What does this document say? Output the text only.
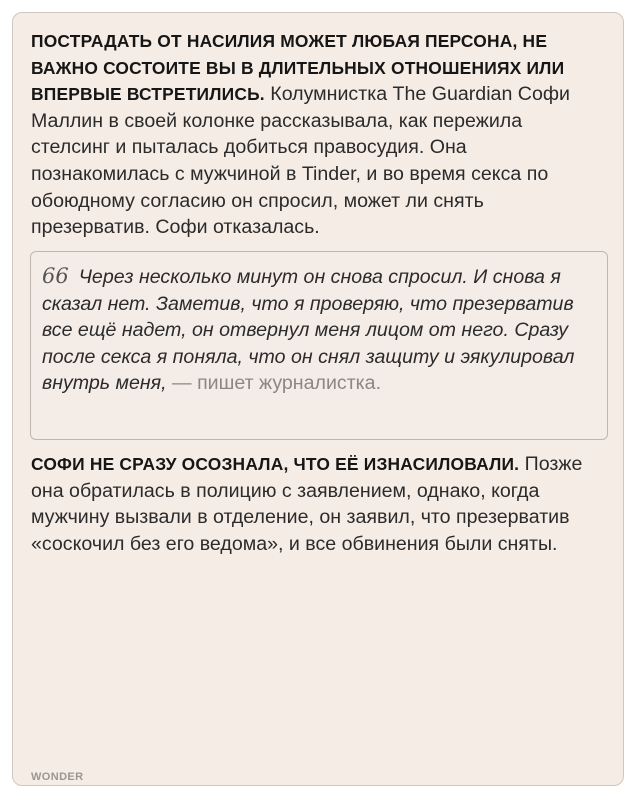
ПОСТРАДАТЬ ОТ НАСИЛИЯ МОЖЕТ ЛЮБАЯ ПЕРСОНА, НЕ ВАЖНО СОСТОИТЕ ВЫ В ДЛИТЕЛЬНЫХ ОТНОШЕНИЯХ ИЛИ ВПЕРВЫЕ ВСТРЕТИЛИСЬ. Колумнистка The Guardian Софи Маллин в своей колонке рассказывала, как пережила стелсинг и пыталась добиться правосудия. Она познакомилась с мужчиной в Tinder, и во время секса по обоюдному согласию он спросил, может ли снять презерватив. Софи отказалась.

66 Через несколько минут он снова спросил. И снова я сказал нет. Заметив, что я проверяю, что презерватив все ещё надет, он отвернул меня лицом от него. Сразу после секса я поняла, что он снял защиту и эякулировал внутрь меня, — пишет журналистка.

СОФИ НЕ СРАЗУ ОСОЗНАЛА, ЧТО ЕЁ ИЗНАСИЛОВАЛИ. Позже она обратилась в полицию с заявлением, однако, когда мужчину вызвали в отделение, он заявил, что презерватив «соскочил без его ведома», и все обвинения были сняты.

WONDER
